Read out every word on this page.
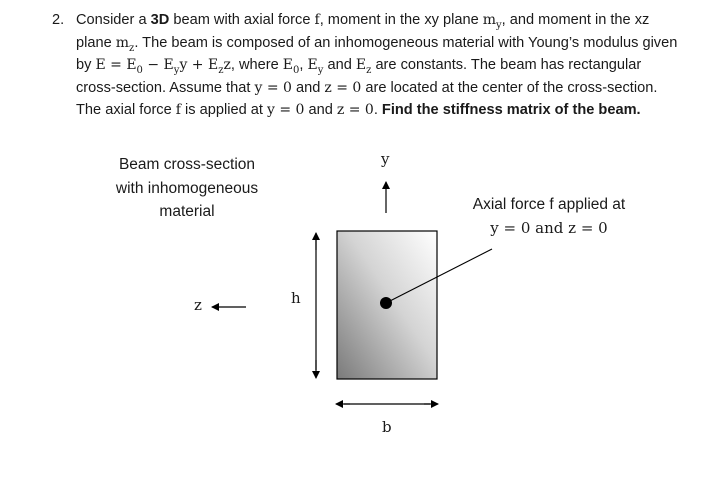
2. Consider a 3D beam with axial force f, moment in the xy plane $m_y$, and moment in the xz plane $m_z$. The beam is composed of an inhomogeneous material with Young’s modulus given by $E = E_0 - E_yy + E_zz$, where $E_0$, $E_y$ and $E_z$ are constants. The beam has rectangular cross-section. Assume that y = 0 and z = 0 are located at the center of the cross-section. The axial force f is applied at y = 0 and z = 0. Find the stiffness matrix of the beam.
Beam cross-section
with inhomogeneous
material	Axial force f applied at
y = 0 and z = 0
y
z	h
b
